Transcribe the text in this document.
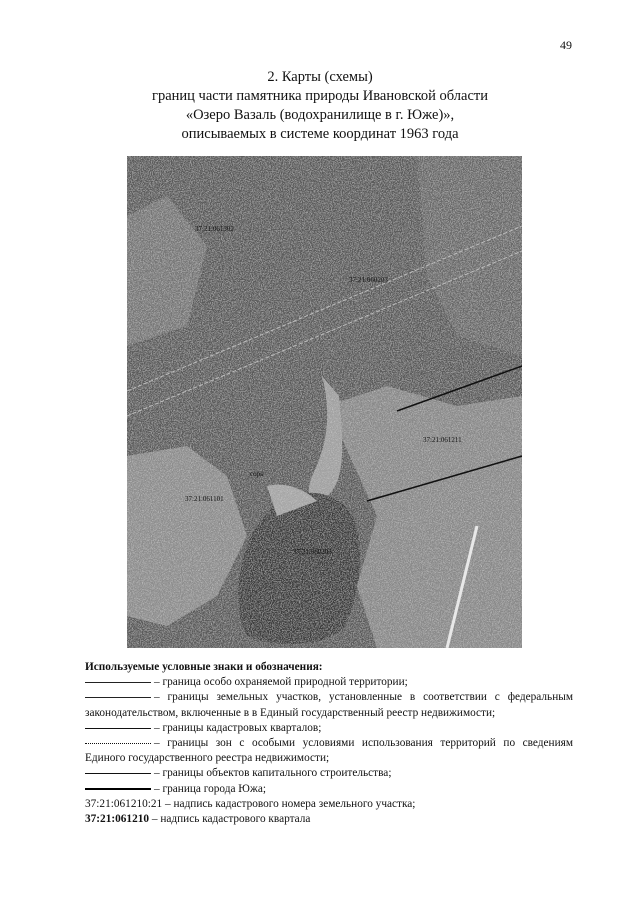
49
2. Карты (схемы)
границ части памятника природы Ивановской области
«Озеро Вазаль (водохранилище в г. Юже)»,
описываемых в системе координат 1963 года
37:21:061302
37:21:060203
37:21:061211
37:21:061101
37:21:060203
сорь
Используемые условные знаки и обозначения:
– граница особо охраняемой природной территории;
– границы земельных участков, установленные в соответствии с федеральным законодательством, включенные в в Единый государственный реестр недвижимости;
– границы кадастровых кварталов;
– границы зон с особыми условиями использования территорий по сведениям Единого государственного реестра недвижимости;
– границы объектов капитального строительства;
– граница города Южа;
37:21:061210:21 – надпись кадастрового номера земельного участка;
37:21:061210 – надпись кадастрового квартала
